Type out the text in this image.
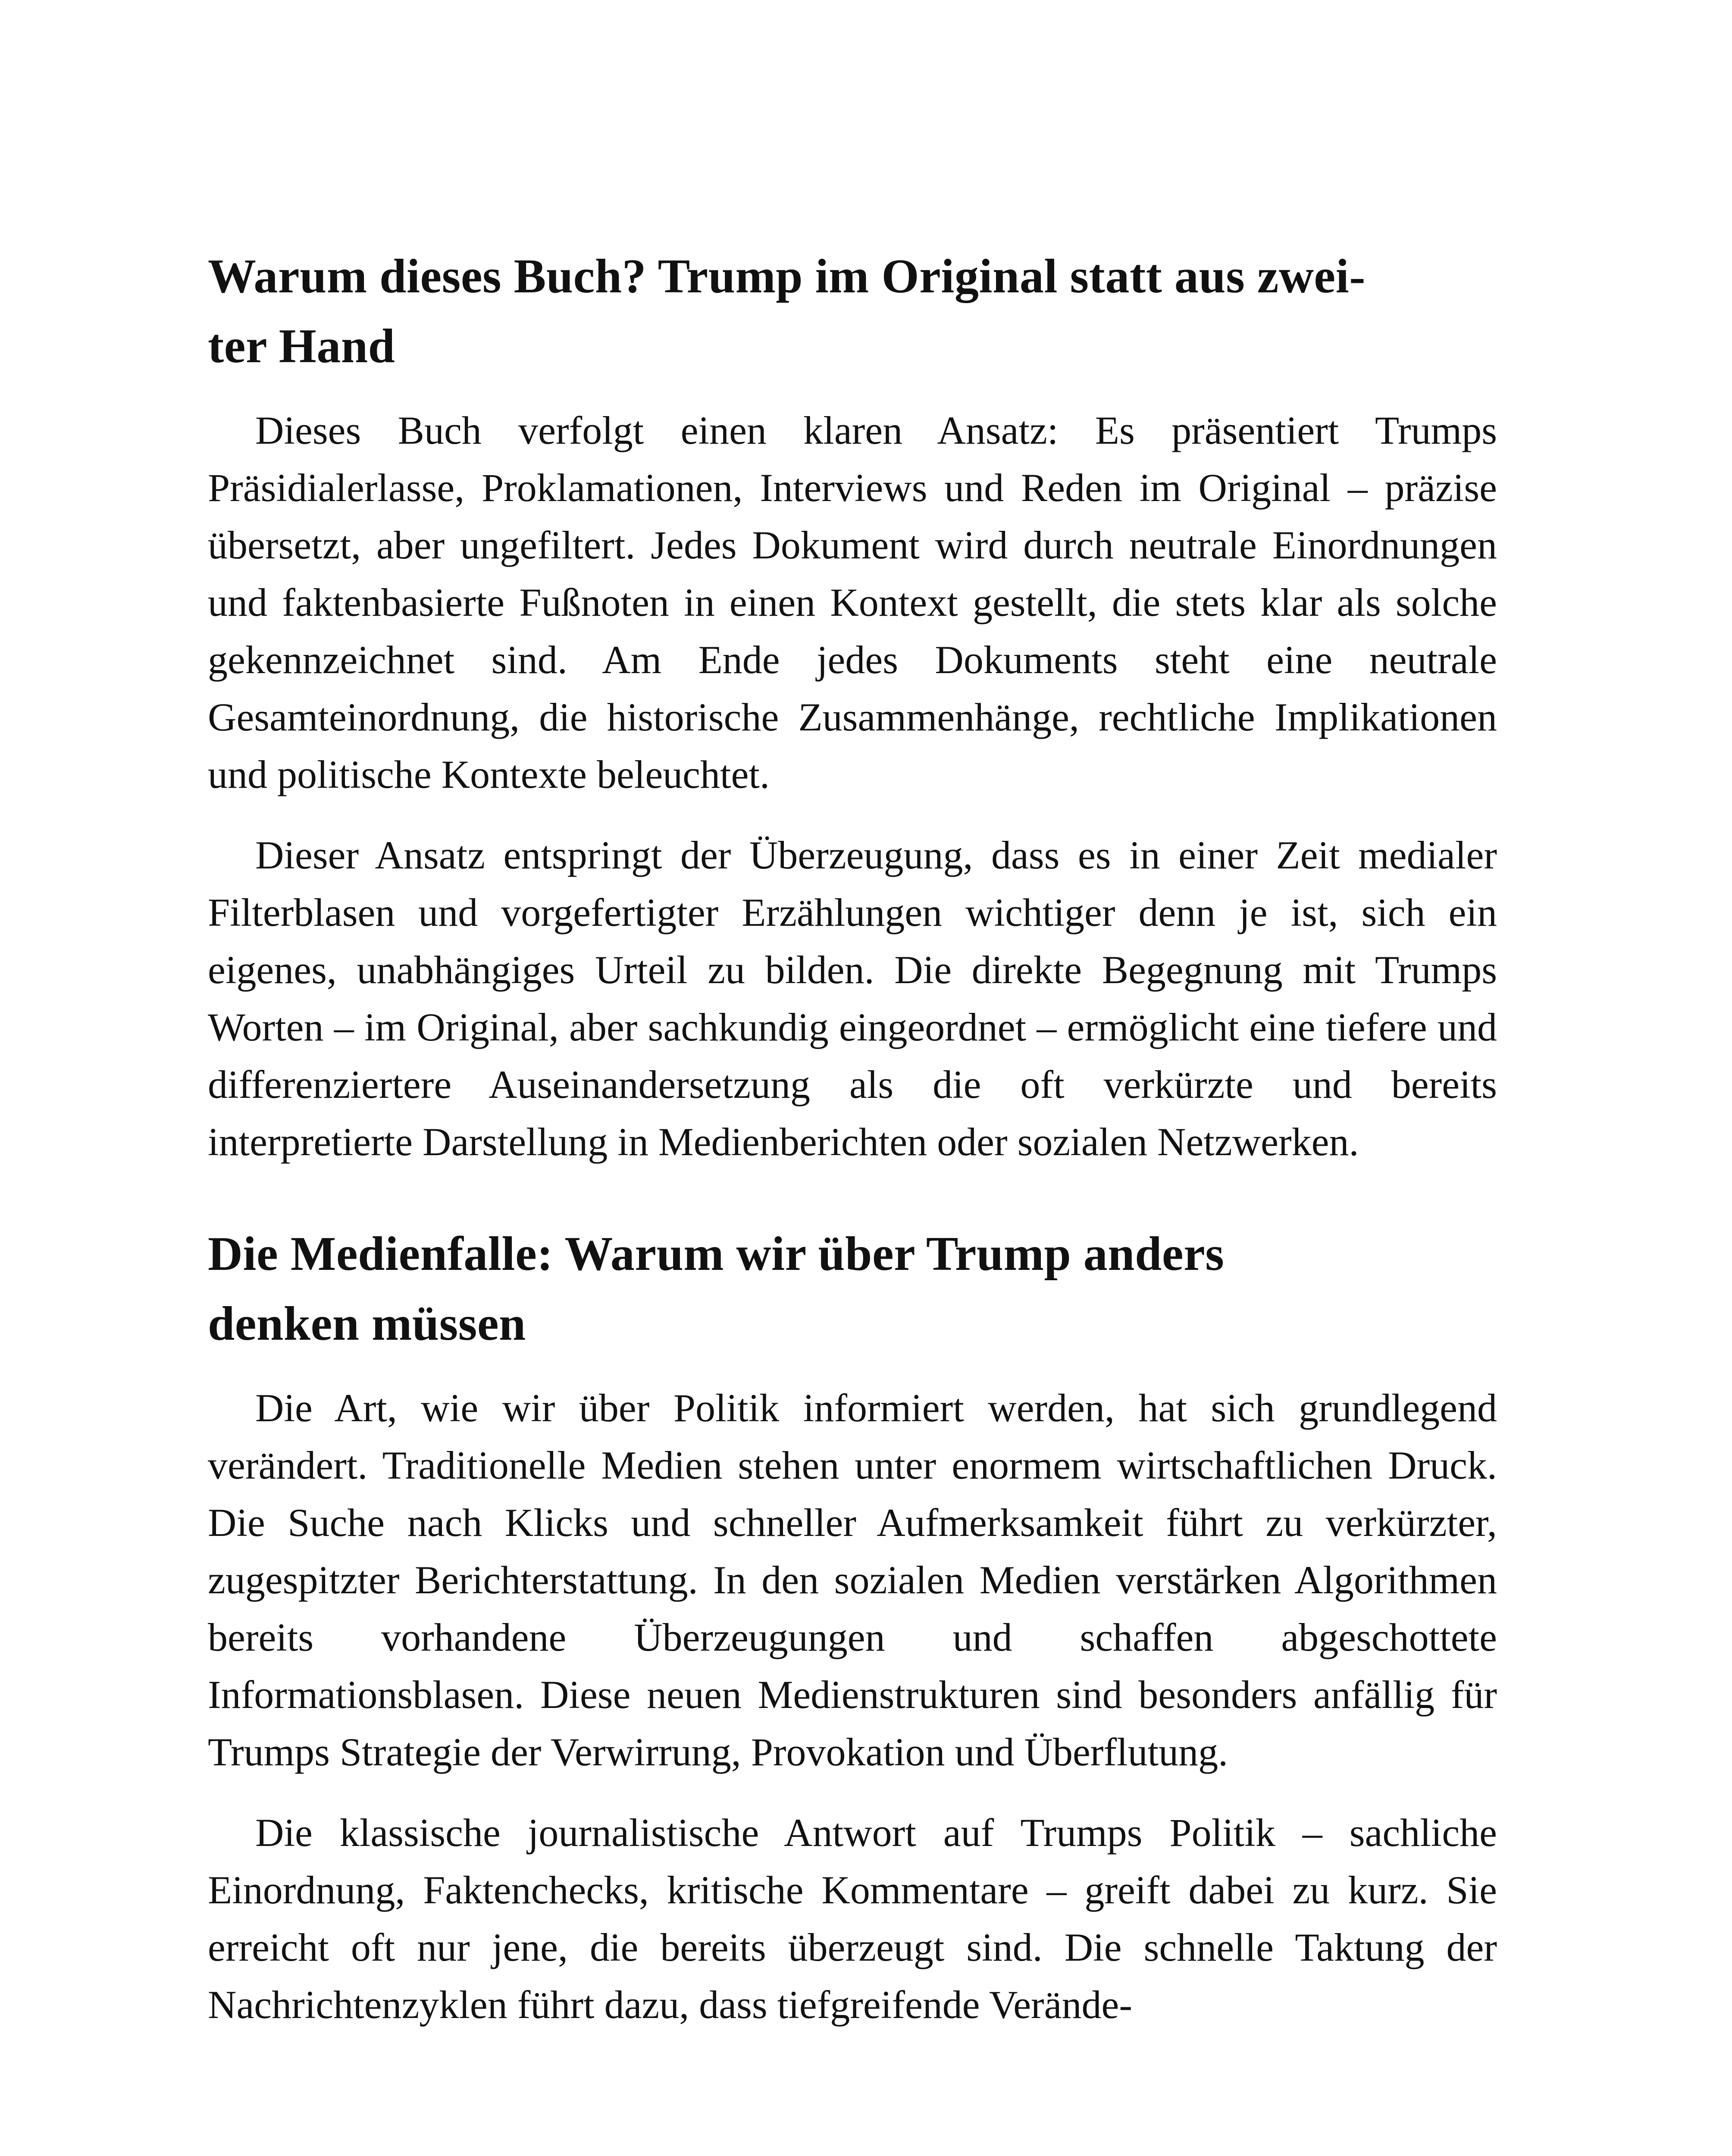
Warum dieses Buch? Trump im Original statt aus zwei-
ter Hand

Dieses Buch verfolgt einen klaren Ansatz: Es präsentiert Trumps Präsidialerlasse, Proklamationen, Interviews und Reden im Original – präzise übersetzt, aber ungefiltert. Jedes Dokument wird durch neutrale Einordnungen und faktenbasierte Fußnoten in einen Kontext gestellt, die stets klar als solche gekennzeichnet sind. Am Ende jedes Dokuments steht eine neutrale Gesamteinordnung, die historische Zusammenhänge, rechtliche Implikationen und politische Kontexte beleuchtet.

Dieser Ansatz entspringt der Überzeugung, dass es in einer Zeit medialer Filterblasen und vorgefertigter Erzählungen wichtiger denn je ist, sich ein eigenes, unabhängiges Urteil zu bilden. Die direkte Begegnung mit Trumps Worten – im Original, aber sachkundig eingeordnet – ermöglicht eine tiefere und differenziertere Auseinandersetzung als die oft verkürzte und bereits interpretierte Darstellung in Medienberichten oder sozialen Netzwerken.

Die Medienfalle: Warum wir über Trump anders
denken müssen

Die Art, wie wir über Politik informiert werden, hat sich grundlegend verändert. Traditionelle Medien stehen unter enormem wirtschaftlichen Druck. Die Suche nach Klicks und schneller Aufmerksamkeit führt zu verkürzter, zugespitzter Berichterstattung. In den sozialen Medien verstärken Algorithmen bereits vorhandene Überzeugungen und schaffen abgeschottete Informationsblasen. Diese neuen Medienstrukturen sind besonders anfällig für Trumps Strategie der Verwirrung, Provokation und Überflutung.

Die klassische journalistische Antwort auf Trumps Politik – sachliche Einordnung, Faktenchecks, kritische Kommentare – greift dabei zu kurz. Sie erreicht oft nur jene, die bereits überzeugt sind. Die schnelle Taktung der Nachrichtenzyklen führt dazu, dass tiefgreifende Verände-
